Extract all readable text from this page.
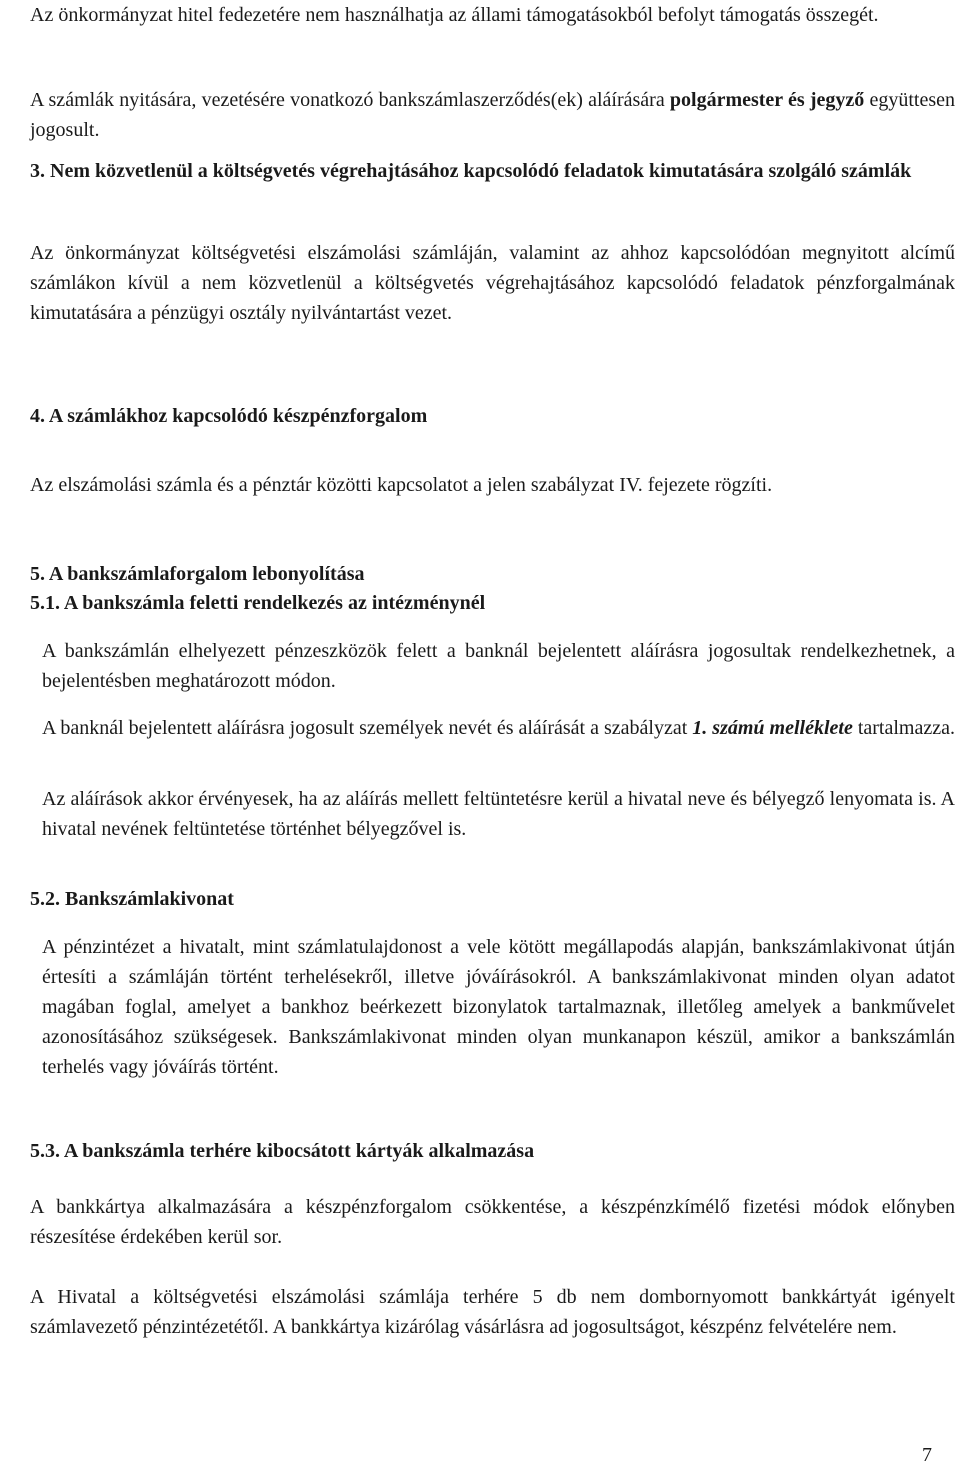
Az önkormányzat hitel fedezetére nem használhatja az állami támogatásokból befolyt támogatás összegét.

A számlák nyitására, vezetésére vonatkozó bankszámlaszerződés(ek) aláírására polgármester és jegyző együttesen jogosult.

3. Nem közvetlenül a költségvetés végrehajtásához kapcsolódó feladatok kimutatására szolgáló számlák

Az önkormányzat költségvetési elszámolási számláján, valamint az ahhoz kapcsolódóan megnyitott alcímű számlákon kívül a nem közvetlenül a költségvetés végrehajtásához kapcsolódó feladatok pénzforgalmának kimutatására a pénzügyi osztály nyilvántartást vezet.

4. A számlákhoz kapcsolódó készpénzforgalom

Az elszámolási számla és a pénztár közötti kapcsolatot a jelen szabályzat IV. fejezete rögzíti.

5. A bankszámlaforgalom lebonyolítása

5.1. A bankszámla feletti rendelkezés az intézménynél

A bankszámlán elhelyezett pénzeszközök felett a banknál bejelentett aláírásra jogosultak rendelkezhetnek, a bejelentésben meghatározott módon.

A banknál bejelentett aláírásra jogosult személyek nevét és aláírását a szabályzat 1. számú melléklete tartalmazza.

Az aláírások akkor érvényesek, ha az aláírás mellett feltüntetésre kerül a hivatal neve és bélyegző lenyomata is. A hivatal nevének feltüntetése történhet bélyegzővel is.

5.2. Bankszámlakivonat

A pénzintézet a hivatalt, mint számlatulajdonost a vele kötött megállapodás alapján, bankszámlakivonat útján értesíti a számláján történt terhelésekről, illetve jóváírásokról. A bankszámlakivonat minden olyan adatot magában foglal, amelyet a bankhoz beérkezett bizonylatok tartalmaznak, illetőleg amelyek a bankművelet azonosításához szükségesek. Bankszámlakivonat minden olyan munkanapon készül, amikor a bankszámlán terhelés vagy jóváírás történt.

5.3. A bankszámla terhére kibocsátott kártyák alkalmazása

A bankkártya alkalmazására a készpénzforgalom csökkentése, a készpénzkímélő fizetési módok előnyben részesítése érdekében kerül sor.

A Hivatal a költségvetési elszámolási számlája terhére 5 db nem dombornyomott bankkártyát igényelt számlavezető pénzintézetétől. A bankkártya kizárólag vásárlásra ad jogosultságot, készpénz felvételére nem.

7
